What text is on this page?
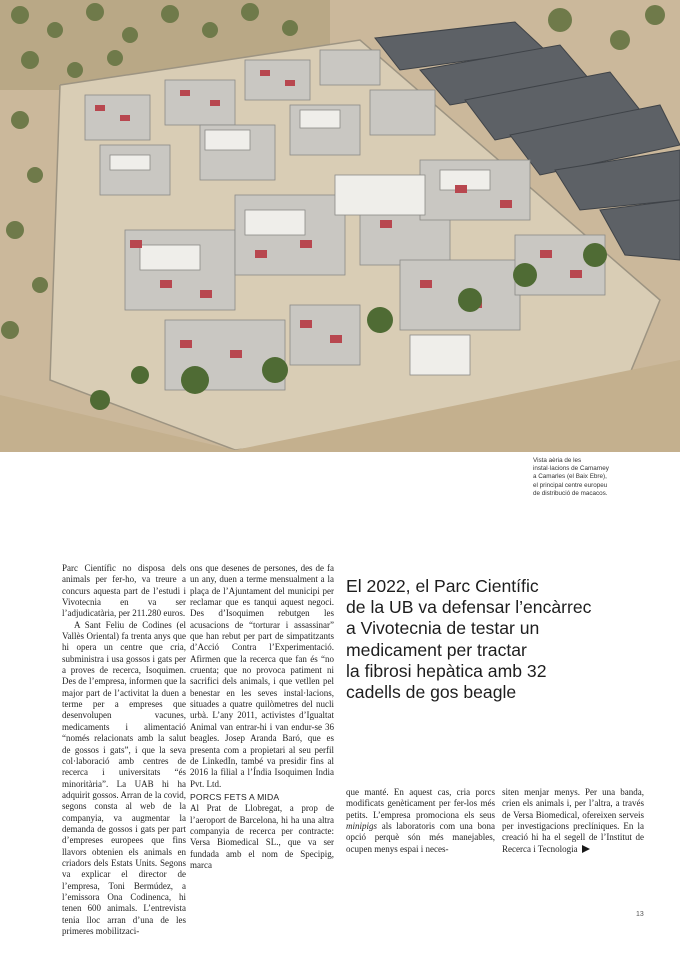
Vista aèria de les
instal·lacions de Camarney
a Camarles (el Baix Ebre),
el principal centre europeu
de distribució de macacos.

Parc Científic no disposa dels animals per fer-ho, va treure a concurs aquesta part de l’estudi i Vivotecnia en va ser l’adjudicatària, per 211.280 euros.

A Sant Feliu de Codines (el Vallès Oriental) fa trenta anys que hi opera un centre que cria, subministra i usa gossos i gats per a proves de recerca, Isoquimen. Des de l’empresa, informen que la major part de l’activitat la duen a terme per a empreses que desenvolupen vacunes, medicaments i alimentació “només relacionats amb la salut de gossos i gats”, i que la seva col·laboració amb centres de recerca i universitats “és minoritària”. La UAB hi ha adquirit gossos. Arran de la covid, segons consta al web de la companyia, va augmentar la demanda de gossos i gats per part d’empreses europees que fins llavors obtenien els animals en criadors dels Estats Units. Segons va explicar el director de l’empresa, Toni Bermúdez, a l’emissora Ona Codinenca, hi tenen 600 animals. L’entrevista tenia lloc arran d’una de les primeres mobilitzaci-

ons que desenes de persones, des de fa un any, duen a terme mensualment a la plaça de l’Ajuntament del municipi per reclamar que es tanqui aquest negoci. Des d’Isoquimen rebutgen les acusacions de “torturar i assassinar” que han rebut per part de simpatitzants d’Acció Contra l’Experimentació. Afirmen que la recerca que fan és “no cruenta; que no provoca patiment ni sacrifici dels animals, i que vetllen pel benestar en les seves instal·lacions, situades a quatre quilòmetres del nucli urbà. L’any 2011, activistes d’Igualtat Animal van entrar-hi i van endur-se 36 beagles. Josep Aranda Baró, que es presenta com a propietari al seu perfil de LinkedIn, també va presidir fins al 2016 la filial a l’Índia Isoquimen India Pvt. Ltd.

PORCS FETS A MIDA

Al Prat de Llobregat, a prop de l’aeroport de Barcelona, hi ha una altra companyia de recerca per contracte: Versa Biomedical SL., que va ser fundada amb el nom de Specipig, marca

El 2022, el Parc Científic
de la UB va defensar l’encàrrec
a Vivotecnia de testar un
medicament per tractar
la fibrosi hepàtica amb 32
cadells de gos beagle

que manté. En aquest cas, cria porcs modificats genèticament per fer-los més petits. L’empresa promociona els seus minipigs als laboratoris com una bona opció perquè són més manejables, ocupen menys espai i neces-

siten menjar menys. Per una banda, crien els animals i, per l’altra, a través de Versa Biomedical, ofereixen serveis per investigacions preclíniques. En la creació hi ha el segell de l’Institut de Recerca i Tecnologia

13
